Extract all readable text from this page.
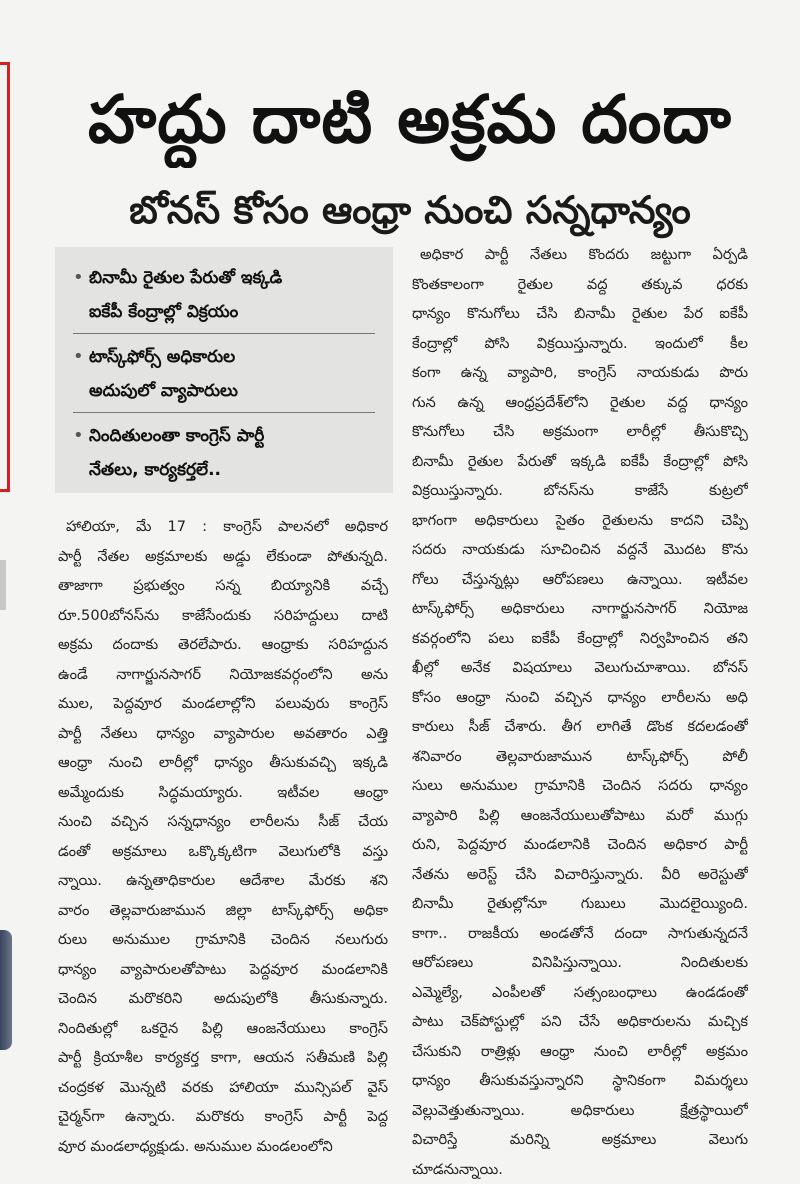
హద్దు దాటి అక్రమ దందా
బోనస్‌ కోసం ఆంధ్రా నుంచి సన్నధాన్యం
• బినామీ రైతుల పేరుతో ఇక్కడి
ఐకేపీ కేంద్రాల్లో విక్రయం
• టాస్క్‌ఫోర్స్‌ అధికారుల
అదుపులో వ్యాపారులు
• నిందితులంతా కాంగ్రెస్‌ పార్టీ
నేతలు, కార్యకర్తలే..
హాలియా, మే 17 : కాంగ్రెస్‌ పాలనలో అధికార
పార్టీ నేతల అక్రమాలకు అడ్డు లేకుండా పోతున్నది.
తాజాగా ప్రభుత్వం సన్న బియ్యానికి వచ్చే
రూ.500బోనస్‌ను కాజేసేందుకు సరిహద్దులు దాటి
అక్రమ దందాకు తెరలేపారు. ఆంధ్రాకు సరిహద్దున
ఉండే నాగార్జునసాగర్‌ నియోజకవర్గంలోని అను
ముల, పెద్దవూర మండలాల్లోని పలువురు కాంగ్రెస్‌
పార్టీ నేతలు ధాన్యం వ్యాపారుల అవతారం ఎత్తి
ఆంధ్రా నుంచి లారీల్లో ధాన్యం తీసుకువచ్చి ఇక్కడి
అమ్మేందుకు సిద్ధమయ్యారు. ఇటీవల ఆంధ్రా
నుంచి వచ్చిన సన్నధాన్యం లారీలను సీజ్‌ చేయ
డంతో అక్రమాలు ఒక్కొక్కటిగా వెలుగులోకి వస్తు
న్నాయి. ఉన్నతాధికారుల ఆదేశాల మేరకు శని
వారం తెల్లవారుజామున జిల్లా టాస్క్‌ఫోర్స్‌ అధికా
రులు అనుముల గ్రామానికి చెందిన నలుగురు
ధాన్యం వ్యాపారులతోపాటు పెద్దవూర మండలానికి
చెందిన మరొకరిని అదుపులోకి తీసుకున్నారు.
నిందితుల్లో ఒకరైన పిల్లి ఆంజనేయులు కాంగ్రెస్‌
పార్టీ క్రియాశీల కార్యకర్త కాగా, ఆయన సతీమణి పిల్లి
చంద్రకళ మొన్నటి వరకు హాలియా మున్సిపల్‌ వైస్‌
చైర్మన్‌గా ఉన్నారు. మరొకరు కాంగ్రెస్‌ పార్టీ పెద్ద
వూర మండలాధ్యక్షుడు. అనుముల మండలంలోని
అధికార పార్టీ నేతలు కొందరు జట్టుగా ఏర్పడి
కొంతకాలంగా రైతుల వద్ద తక్కువ ధరకు
ధాన్యం కొనుగోలు చేసి బినామీ రైతుల పేర ఐకేపీ
కేంద్రాల్లో పోసి విక్రయిస్తున్నారు. ఇందులో కీల
కంగా ఉన్న వ్యాపారి, కాంగ్రెస్‌ నాయకుడు పొరు
గున ఉన్న ఆంధ్రప్రదేశ్‌లోని రైతుల వద్ద ధాన్యం
కొనుగోలు చేసి అక్రమంగా లారీల్లో తీసుకొచ్చి
బినామీ రైతుల పేరుతో ఇక్కడి ఐకేపీ కేంద్రాల్లో పోసి
విక్రయిస్తున్నారు. బోనస్‌ను కాజేసే కుట్రలో
భాగంగా అధికారులు సైతం రైతులను కాదని చెప్పి
సదరు నాయకుడు సూచించిన వద్దనే మొదట కొను
గోలు చేస్తున్నట్లు ఆరోపణలు ఉన్నాయి. ఇటీవల
టాస్క్‌ఫోర్స్‌ అధికారులు నాగార్జునసాగర్‌ నియోజ
కవర్గంలోని పలు ఐకేపీ కేంద్రాల్లో నిర్వహించిన తని
ఖీల్లో అనేక విషయాలు వెలుగుచూశాయి. బోనస్‌
కోసం ఆంధ్రా నుంచి వచ్చిన ధాన్యం లారీలను అధి
కారులు సీజ్‌ చేశారు. తీగ లాగితే డొంక కదలడంతో
శనివారం తెల్లవారుజామున టాస్క్‌ఫోర్స్‌ పోలీ
సులు అనుముల గ్రామానికి చెందిన సదరు ధాన్యం
వ్యాపారి పిల్లి ఆంజనేయులుతోపాటు మరో ముగ్గు
రుని, పెద్దవూర మండలానికి చెందిన అధికార పార్టీ
నేతను అరెస్ట్‌ చేసి విచారిస్తున్నారు. వీరి అరెస్టుతో
బినామీ రైతుల్లోనూ గుబులు మొదలైయ్యింది.
కాగా.. రాజకీయ అండతోనే దందా సాగుతున్నదనే
ఆరోపణలు వినిపిస్తున్నాయి. నిందితులకు
ఎమ్మెల్యే, ఎంపీలతో సత్సంబంధాలు ఉండడంతో
పాటు చెక్‌పోస్టుల్లో పని చేసే అధికారులను మచ్చిక
చేసుకుని రాత్రిళ్లు ఆంధ్రా నుంచి లారీల్లో అక్రమం
ధాన్యం తీసుకువస్తున్నారని స్థానికంగా విమర్శలు
వెల్లువెత్తుతున్నాయి. అధికారులు క్షేత్రస్థాయిలో
విచారిస్తే మరిన్ని అక్రమాలు వెలుగు
చూడనున్నాయి.
